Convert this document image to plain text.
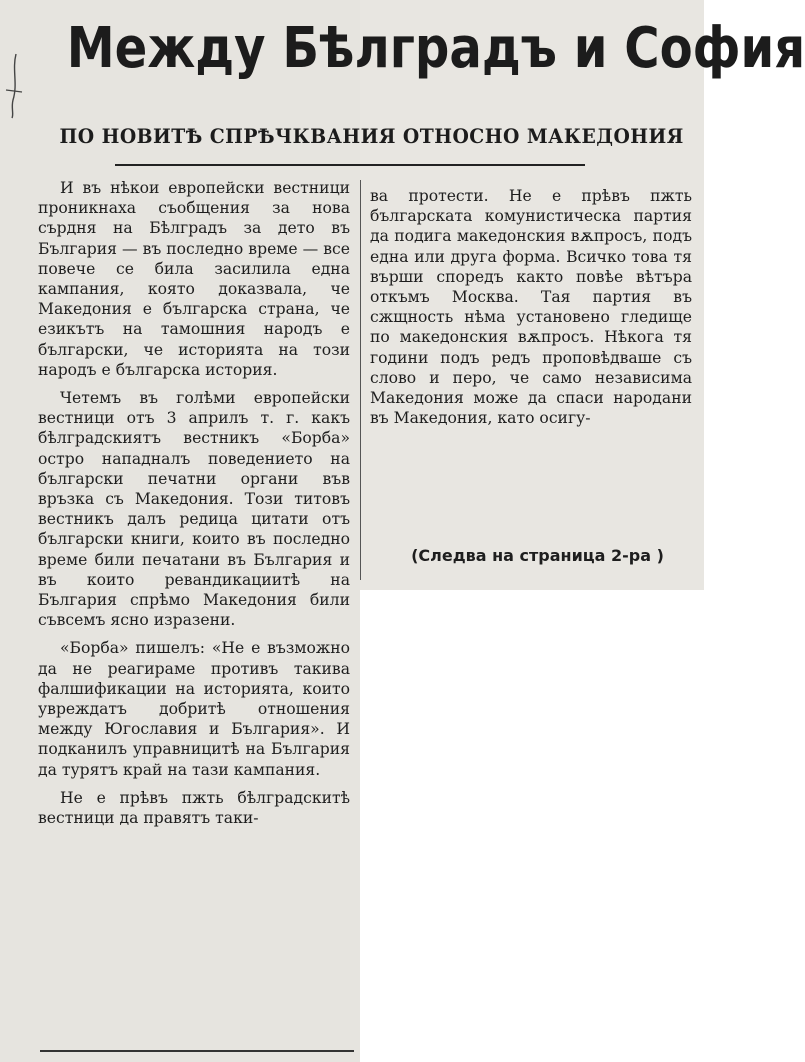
Между Бѣлградъ и София
ПО НОВИТѢ СПРѢЧКВАНИЯ ОТНОСНО МАКЕДОНИЯ

И въ нѣкои европейски вестници проникнаха съобщения за нова сърдня на Бѣлградъ за дето въ България — въ последно време — все повече се била засилила една кампания, която доказвала, че Македония е българска страна, че езикътъ на тамошния народъ е български, че историята на този народъ е българска история.

Четемъ въ голѣми европейски вестници отъ 3 априлъ т. г. какъ бѣлградскиятъ вестникъ «Борба» остро нападналъ поведението на български печатни органи във връзка съ Македония. Този титовъ вестникъ далъ редица цитати отъ български книги, които въ последно време били печатани въ България и въ които ревандикациитѣ на България спрѣмо Македония били съвсемъ ясно изразени.

«Борба» пишелъ: «Не е възможно да не реагираме противъ такива фалшификации на историята, които увреждатъ добритѣ отношения между Югославия и България». И подканилъ управницитѣ на България да турятъ край на тази кампания.

Не е прѣвъ пжть бѣлградскитѣ вестници да правятъ таки-

ва протести. Не е прѣвъ пжть българската комунистическа партия да подига македонския вѫпросъ, подъ една или друга форма. Всичко това тя върши споредъ както повѣе вѣтъра откъмъ Москва. Тая партия въ сжщность нѣма установено гледище по македонския вѫпросъ. Нѣкога тя години подъ редъ проповѣдваше съ слово и перо, че само независима Македония може да спаси народани въ Македония, като осигу-

(Следва на страница 2-ра )
